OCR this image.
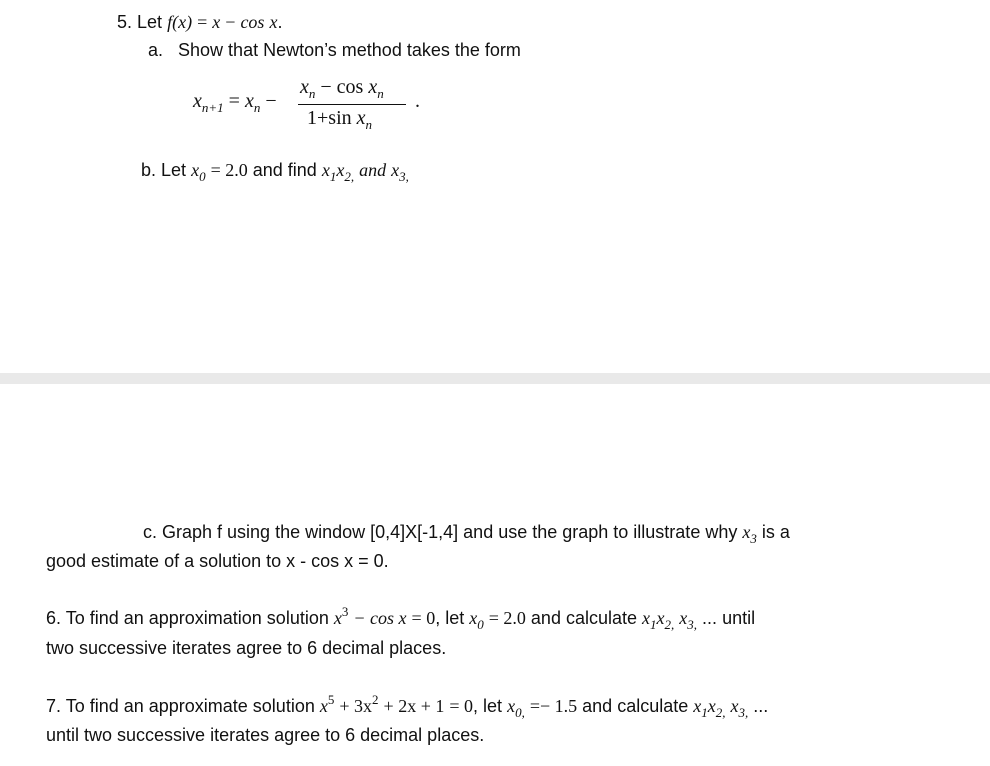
5. Let f(x) = x − cos x.
a. Show that Newton’s method takes the form
$x_{n+1} = x_n$ −
$x_n - \cos x_n$
1+sin $x_n$
.
b. Let $x_0 = 2.0$ and find $x_1x_{2,}$ and $x_{3,}$
c. Graph f using the window [0,4]X[-1,4] and use the graph to illustrate why $x_3$ is a
good estimate of a solution to x - cos x = 0.
6. To find an approximation solution $x^3 - \cos x = 0$, let $x_0 = 2.0$ and calculate $x_1x_{2,}$ $x_{3,}$ ... until
two successive iterates agree to 6 decimal places.
7. To find an approximate solution $x^5 + 3x^2 + 2x + 1 = 0$, let $x_{0,} =- 1.5$ and calculate $x_1x_{2,}$ $x_{3,}$ ...
until two successive iterates agree to 6 decimal places.
